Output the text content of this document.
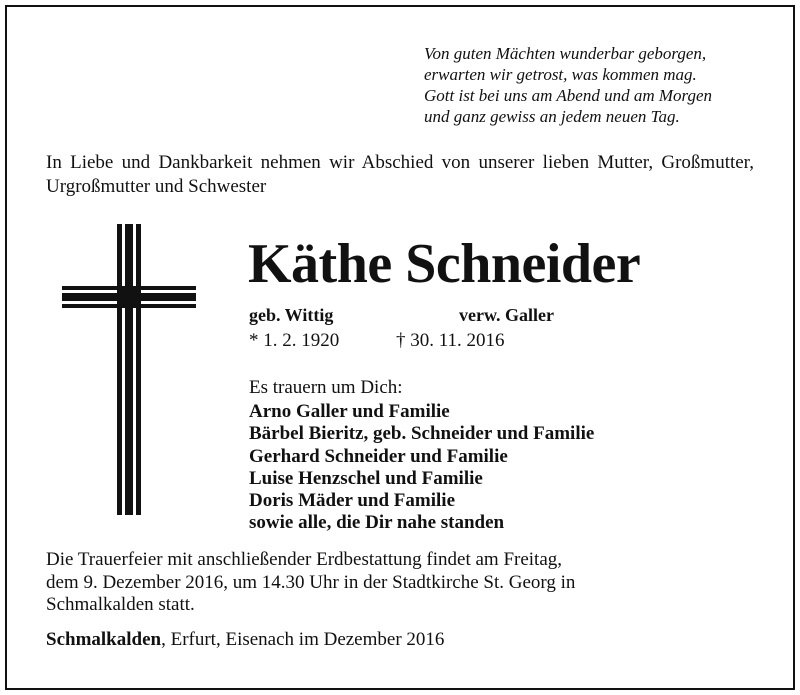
Von guten Mächten wunderbar geborgen,
erwarten wir getrost, was kommen mag.
Gott ist bei uns am Abend und am Morgen
und ganz gewiss an jedem neuen Tag.

In Liebe und Dankbarkeit nehmen wir Abschied von unserer lieben Mutter, Großmutter, Urgroßmutter und Schwester

Käthe Schneider
geb. Wittig	verw. Galler
* 1. 2. 1920	† 30. 11. 2016
Es trauern um Dich:
Arno Galler und Familie
Bärbel Bieritz, geb. Schneider und Familie
Gerhard Schneider und Familie
Luise Henzschel und Familie
Doris Mäder und Familie
sowie alle, die Dir nahe standen
Die Trauerfeier mit anschließender Erdbestattung findet am Freitag,
dem 9. Dezember 2016, um 14.30 Uhr in der Stadtkirche St. Georg in
Schmalkalden statt.
Schmalkalden, Erfurt, Eisenach im Dezember 2016
